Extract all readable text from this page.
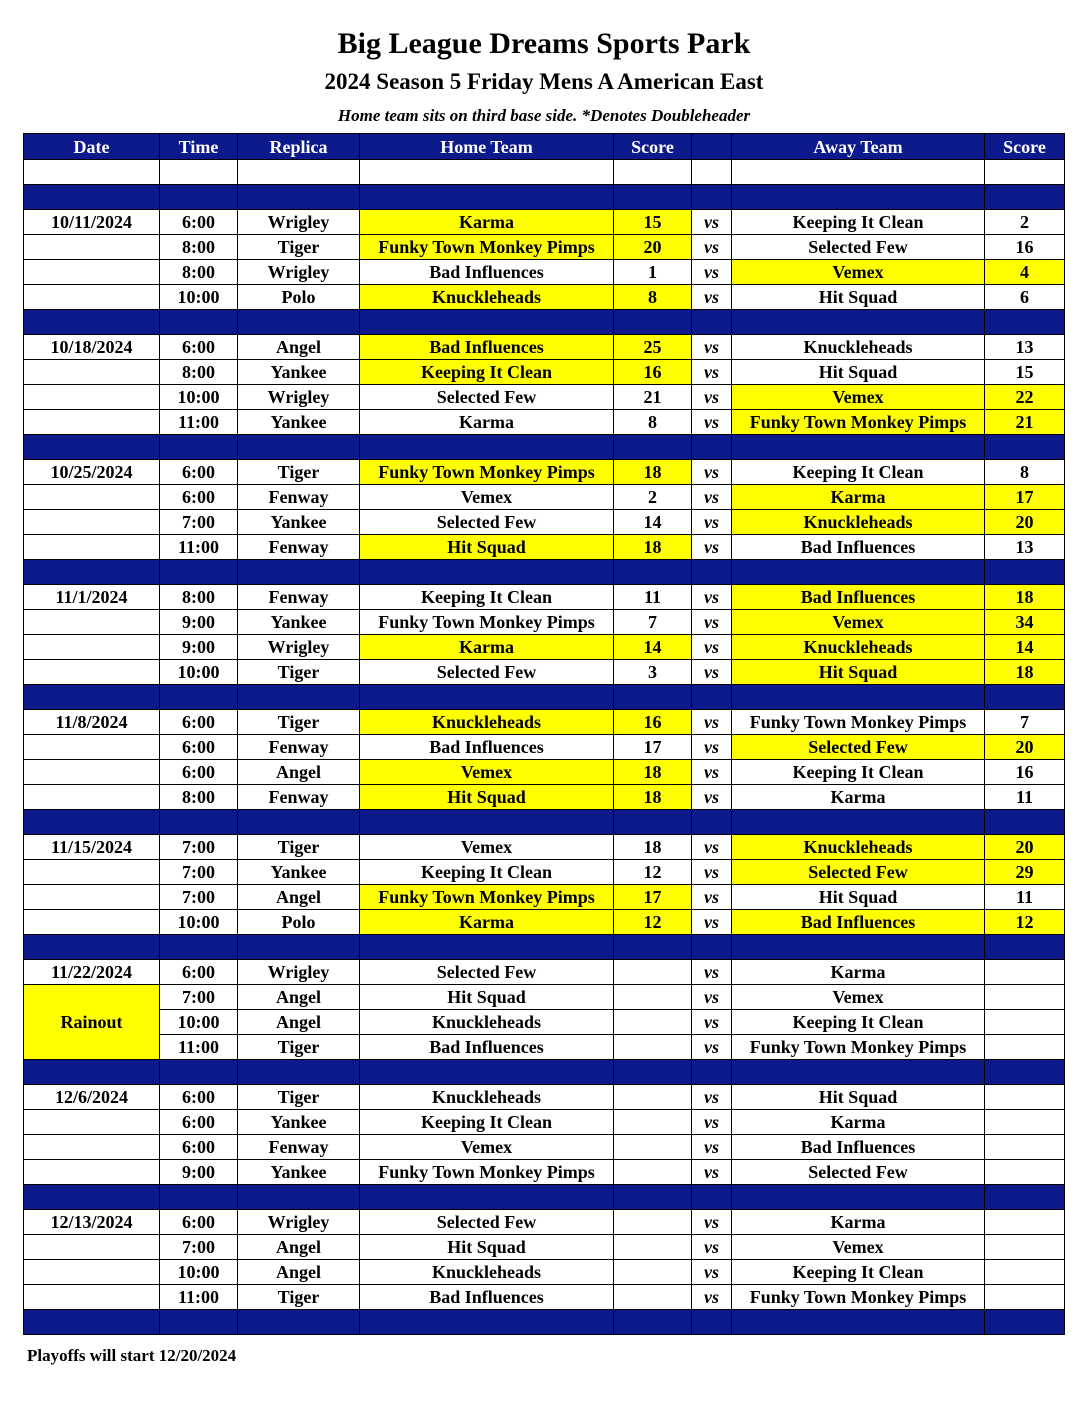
Big League Dreams Sports Park
2024 Season 5 Friday Mens A American East
Home team sits on third base side. *Denotes Doubleheader
Date	Time	Replica	Home Team	Score		Away Team	Score

10/11/2024	6:00	Wrigley	Karma	15	vs	Keeping It Clean	2
	8:00	Tiger	Funky Town Monkey Pimps	20	vs	Selected Few	16
	8:00	Wrigley	Bad Influences	1	vs	Vemex	4
	10:00	Polo	Knuckleheads	8	vs	Hit Squad	6

10/18/2024	6:00	Angel	Bad Influences	25	vs	Knuckleheads	13
	8:00	Yankee	Keeping It Clean	16	vs	Hit Squad	15
	10:00	Wrigley	Selected Few	21	vs	Vemex	22
	11:00	Yankee	Karma	8	vs	Funky Town Monkey Pimps	21

10/25/2024	6:00	Tiger	Funky Town Monkey Pimps	18	vs	Keeping It Clean	8
	6:00	Fenway	Vemex	2	vs	Karma	17
	7:00	Yankee	Selected Few	14	vs	Knuckleheads	20
	11:00	Fenway	Hit Squad	18	vs	Bad Influences	13

11/1/2024	8:00	Fenway	Keeping It Clean	11	vs	Bad Influences	18
	9:00	Yankee	Funky Town Monkey Pimps	7	vs	Vemex	34
	9:00	Wrigley	Karma	14	vs	Knuckleheads	14
	10:00	Tiger	Selected Few	3	vs	Hit Squad	18

11/8/2024	6:00	Tiger	Knuckleheads	16	vs	Funky Town Monkey Pimps	7
	6:00	Fenway	Bad Influences	17	vs	Selected Few	20
	6:00	Angel	Vemex	18	vs	Keeping It Clean	16
	8:00	Fenway	Hit Squad	18	vs	Karma	11

11/15/2024	7:00	Tiger	Vemex	18	vs	Knuckleheads	20
	7:00	Yankee	Keeping It Clean	12	vs	Selected Few	29
	7:00	Angel	Funky Town Monkey Pimps	17	vs	Hit Squad	11
	10:00	Polo	Karma	12	vs	Bad Influences	12

11/22/2024	6:00	Wrigley	Selected Few		vs	Karma	
Rainout	7:00	Angel	Hit Squad		vs	Vemex	
	10:00	Angel	Knuckleheads		vs	Keeping It Clean	
	11:00	Tiger	Bad Influences		vs	Funky Town Monkey Pimps	

12/6/2024	6:00	Tiger	Knuckleheads		vs	Hit Squad	
	6:00	Yankee	Keeping It Clean		vs	Karma	
	6:00	Fenway	Vemex		vs	Bad Influences	
	9:00	Yankee	Funky Town Monkey Pimps		vs	Selected Few	

12/13/2024	6:00	Wrigley	Selected Few		vs	Karma	
	7:00	Angel	Hit Squad		vs	Vemex	
	10:00	Angel	Knuckleheads		vs	Keeping It Clean	
	11:00	Tiger	Bad Influences		vs	Funky Town Monkey Pimps	

Playoffs will start 12/20/2024
